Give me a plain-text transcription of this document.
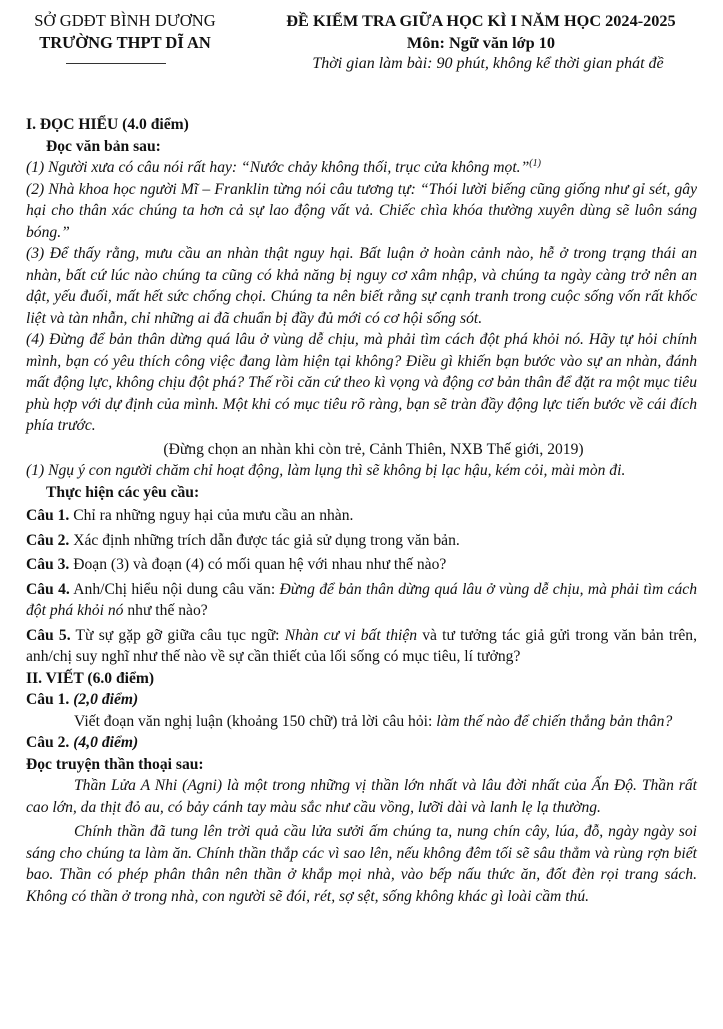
SỞ GDĐT BÌNH DƯƠNG
TRƯỜNG THPT DĨ AN
ĐỀ KIỂM TRA GIỮA HỌC KÌ I NĂM HỌC 2024-2025
Môn: Ngữ văn lớp 10
Thời gian làm bài: 90 phút, không kể thời gian phát đề

I. ĐỌC HIỂU (4.0 điểm)

Đọc văn bản sau:

(1) Người xưa có câu nói rất hay: “Nước chảy không thối, trục cửa không mọt.”$^{(1)}$

(2) Nhà khoa học người Mĩ – Franklin từng nói câu tương tự: “Thói lười biếng cũng giống như gỉ sét, gây hại cho thân xác chúng ta hơn cả sự lao động vất vả. Chiếc chìa khóa thường xuyên dùng sẽ luôn sáng bóng.”

(3) Để thấy rằng, mưu cầu an nhàn thật nguy hại. Bất luận ở hoàn cảnh nào, hễ ở trong trạng thái an nhàn, bất cứ lúc nào chúng ta cũng có khả năng bị nguy cơ xâm nhập, và chúng ta ngày càng trở nên an dật, yếu đuối, mất hết sức chống chọi. Chúng ta nên biết rằng sự cạnh tranh trong cuộc sống vốn rất khốc liệt và tàn nhẫn, chỉ những ai đã chuẩn bị đầy đủ mới có cơ hội sống sót.

(4) Đừng để bản thân dừng quá lâu ở vùng dễ chịu, mà phải tìm cách đột phá khỏi nó. Hãy tự hỏi chính mình, bạn có yêu thích công việc đang làm hiện tại không? Điều gì khiến bạn bước vào sự an nhàn, đánh mất động lực, không chịu đột phá? Thế rồi căn cứ theo kì vọng và động cơ bản thân để đặt ra một mục tiêu phù hợp với dự định của mình. Một khi có mục tiêu rõ ràng, bạn sẽ tràn đầy động lực tiến bước về cái đích phía trước.

(Đừng chọn an nhàn khi còn trẻ, Cảnh Thiên, NXB Thế giới, 2019)

(1) Ngụ ý con người chăm chỉ hoạt động, làm lụng thì sẽ không bị lạc hậu, kém cỏi, mài mòn đi.

Thực hiện các yêu cầu:

Câu 1. Chỉ ra những nguy hại của mưu cầu an nhàn.

Câu 2. Xác định những trích dẫn được tác giả sử dụng trong văn bản.

Câu 3. Đoạn (3) và đoạn (4) có mối quan hệ với nhau như thế nào?

Câu 4. Anh/Chị hiểu nội dung câu văn: Đừng để bản thân dừng quá lâu ở vùng dễ chịu, mà phải tìm cách đột phá khỏi nó như thế nào?

Câu 5. Từ sự gặp gỡ giữa câu tục ngữ: Nhàn cư vi bất thiện và tư tưởng tác giả gửi trong văn bản trên, anh/chị suy nghĩ như thế nào về sự cần thiết của lối sống có mục tiêu, lí tưởng?

II. VIẾT (6.0 điểm)

Câu 1. (2,0 điểm)

Viết đoạn văn nghị luận (khoảng 150 chữ) trả lời câu hỏi: làm thế nào để chiến thắng bản thân?

Câu 2. (4,0 điểm)

Đọc truyện thần thoại sau:

Thần Lửa A Nhi (Agni) là một trong những vị thần lớn nhất và lâu đời nhất của Ấn Độ. Thần rất cao lớn, da thịt đỏ au, có bảy cánh tay màu sắc như cầu vồng, lưỡi dài và lanh lẹ lạ thường.

Chính thần đã tung lên trời quả cầu lửa sưởi ấm chúng ta, nung chín cây, lúa, đỗ, ngày ngày soi sáng cho chúng ta làm ăn. Chính thần thắp các vì sao lên, nếu không đêm tối sẽ sâu thẳm và rùng rợn biết bao. Thần có phép phân thân nên thần ở khắp mọi nhà, vào bếp nấu thức ăn, đốt đèn rọi trang sách. Không có thần ở trong nhà, con người sẽ đói, rét, sợ sệt, sống không khác gì loài cầm thú.
